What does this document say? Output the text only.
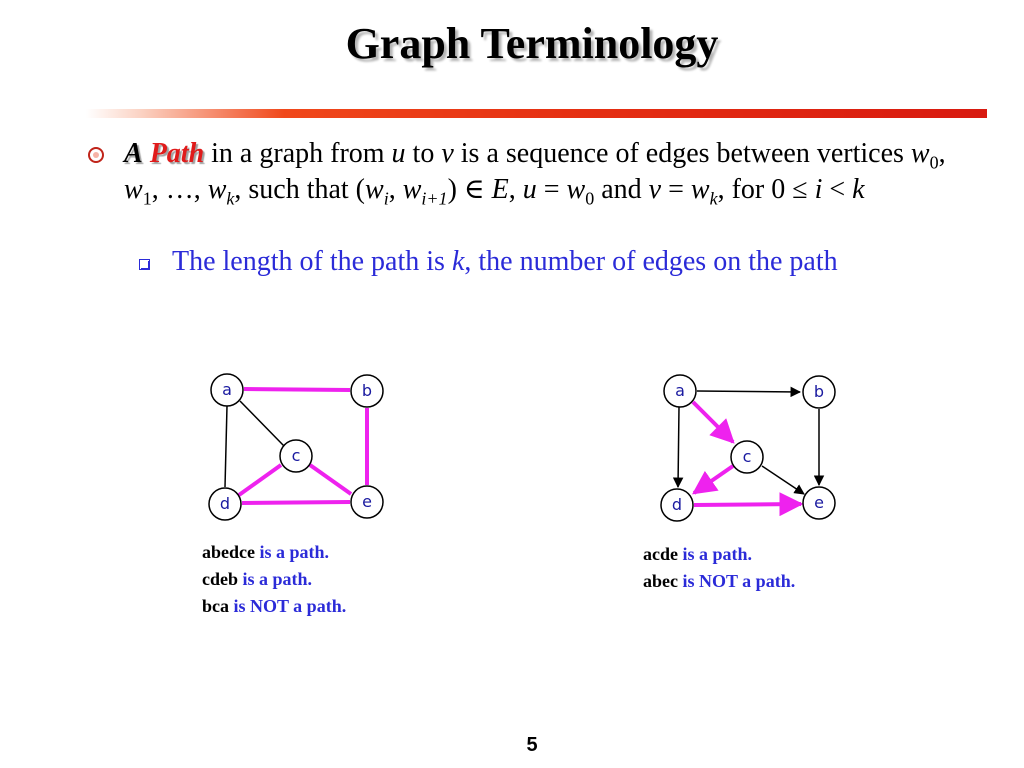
Graph Terminology
A Path in a graph from u to v is a sequence of edges between vertices $w_0$, $w_1$, …, $w_k$, such that ($w_i$, $w_{i+1}$) ∈ E, $u = w_0$ and $v = w_k$, for 0 ≤ i < k
The length of the path is k, the number of edges on the path
a	b
c
d	e
a	b
c
d	e
abedce is a path.
cdeb is a path.
bca is NOT a path.
acde is a path.
abec is NOT a path.
5
